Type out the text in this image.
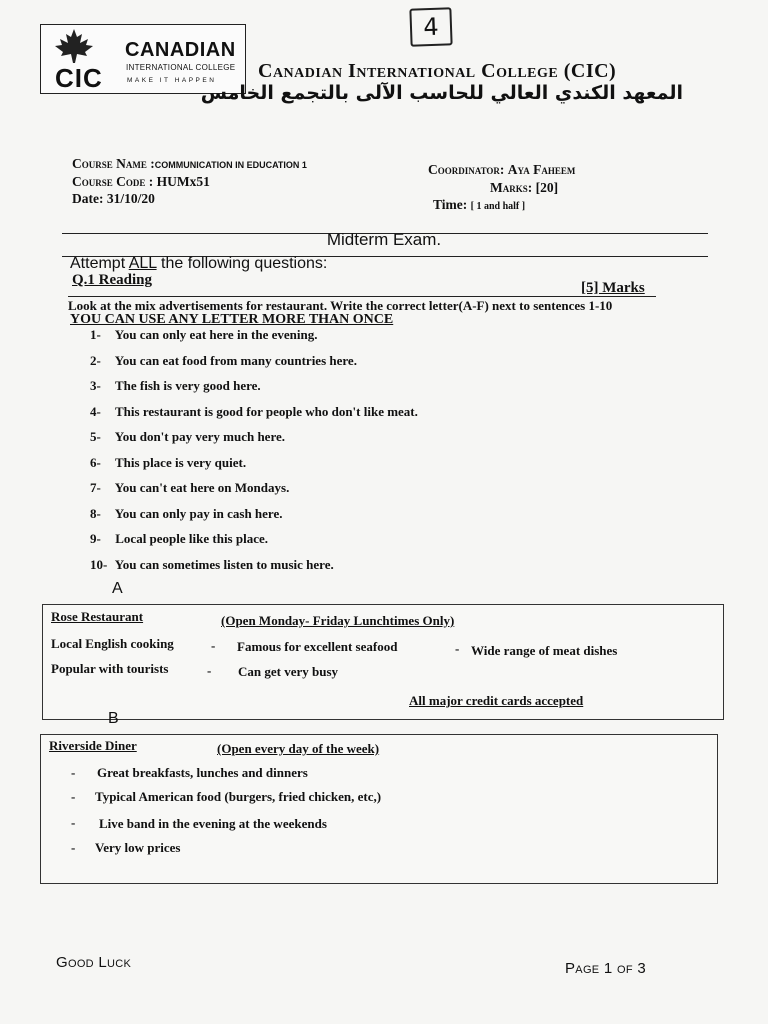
4
CIC
CANADIAN
INTERNATIONAL COLLEGE
MAKE IT HAPPEN Canadian International College (CIC)
المعهد الكندي العالي للحاسب الآلى بالتجمع الخامس
Course Name :COMMUNICATION IN EDUCATION 1
Course Code : HUMx51
Date: 31/10/20
Coordinator: Aya Faheem
Marks: [20]
Time: [ 1 and half ]
Midterm Exam.
Attempt ALL the following questions:
Q.1 Reading	[5] Marks
Look at the mix advertisements for restaurant. Write the correct letter(A-F) next to sentences 1-10
YOU CAN USE ANY LETTER MORE THAN ONCE
1- You can only eat here in the evening.
2- You can eat food from many countries here.
3- The fish is very good here.
4- This restaurant is good for people who don't like meat.
5- You don't pay very much here.
6- This place is very quiet.
7- You can't eat here on Mondays.
8- You can only pay in cash here.
9- Local people like this place.
10- You can sometimes listen to music here.
A
Rose Restaurant	(Open Monday- Friday Lunchtimes Only)
Local English cooking	- Famous for excellent seafood	- Wide range of meat dishes
Popular with tourists	- Can get very busy
All major credit cards accepted
B
Riverside Diner	(Open every day of the week)
- Great breakfasts, lunches and dinners
- Typical American food (burgers, fried chicken, etc,)
- Live band in the evening at the weekends
- Very low prices
Good Luck	Page 1 of 3
